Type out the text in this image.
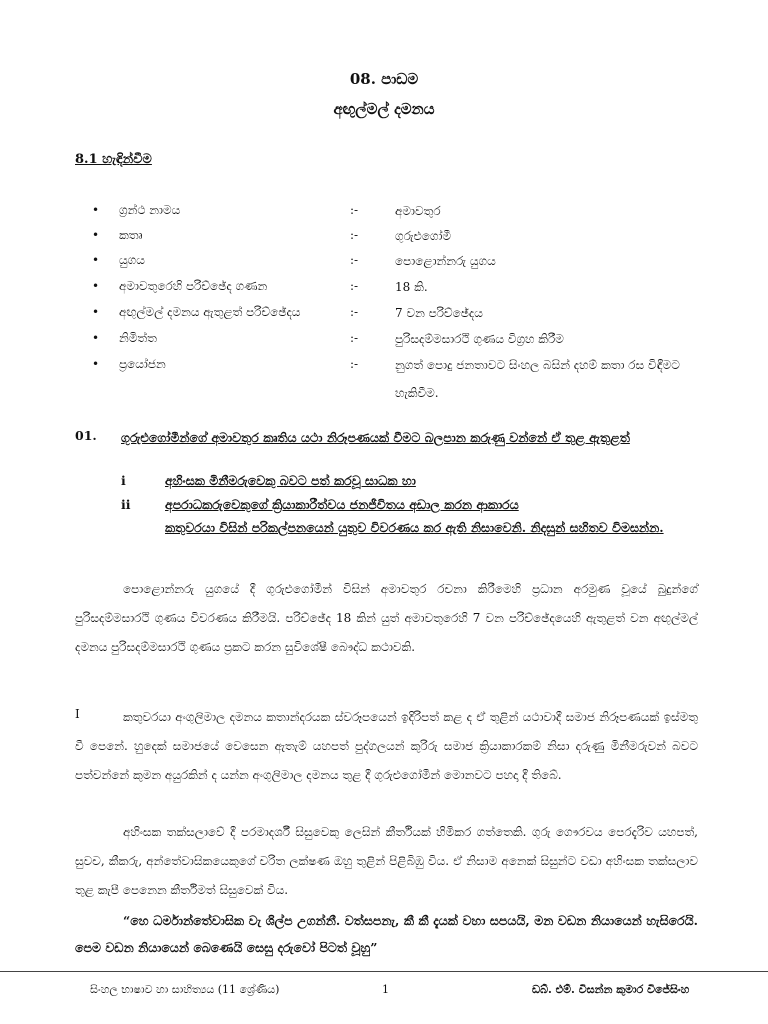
08. පාඩම
අඟුල්මල් දමනය
8.1 හැඳින්වීම
• ග්‍රන්ථ නාමය	:-	අමාවතුර
• කතෘ	:-	ගුරුළුගෝමී
• යුගය	:-	පොළොන්නරු යුගය
• අමාවතුරෙහි පරිච්ඡේද ගණන	:-	18 කි.
• අඟුල්මල් දමනය ඇතුළත් පරිච්ඡේදය	:-	7 වන පරිච්ඡේදය
• නිමිත්ත	:-	පුරිසදම්මසාරථි ගුණය විග්‍රහ කිරීම
• ප්‍රයෝජන	:-	නුගත් පොදු ජනතාවට සිංහල බසින් දහම් කතා රස විඳීමට හැකිවීම.
01. ගුරුළුගෝමීන්ගේ අමාවතුර කෘතිය යථා නිරූපණයක් වීමට බලපාන කරුණු වන්නේ ඒ තුළ ඇතුළත්
i	අහිංසක මිනීමරුවෙකු බවට පත් කරවූ සාධක හා
ii	අපරාධකරුවෙකුගේ ක්‍රියාකාරීත්වය ජනජීවිතය අඩාල කරන ආකාරය
කතුවරයා විසින් පරිකල්පනයෙන් යුතුව විවරණය කර ඇති නිසාවෙනි. නිදසුන් සහිතව විමසන්න.
පොළොන්නරු යුගයේ දී ගුරුළුගෝමීන් විසින් අමාවතුර රචනා කිරීමෙහි ප්‍රධාන අරමුණ වූයේ බුදුන්ගේ පුරිසදම්මසාරථි ගුණය විවරණය කිරීමයි. පරිච්ඡේද 18 කින් යුත් අමාවතුරෙහි 7 වන පරිච්ඡේදයෙහි ඇතුළත් වන අඟුල්මල් දමනය පුරිසදම්මසාරථි ගුණය ප්‍රකට කරන සුවිශේෂී බෞද්ධ කථාවකි.
I	කතුවරයා අංගුලිමාල දමනය කතාන්දරයක ස්වරූපයෙන් ඉදිරිපත් කළ ද ඒ තුළින් යථාවාදී සමාජ නිරූපණයක් ඉස්මතු වී පෙනේ. හුදෙක් සමාජයේ වෙසෙන ඇතැම් යහපත් පුද්ගලයන් කුරිරු සමාජ ක්‍රියාකාරකම් නිසා දරුණු මිනීමරුවන් බවට පත්වන්නේ කුමන අයුරකින් ද යන්න අංගුලිමාල දමනය තුළ දී ගුරුළුගෝමීන් මොනවට පහදා දී තිබේ.
අහිංසක තක්සලාවේ දී පරමාදර්ශී සිසුවෙකු ලෙසින් කීර්තියක් හිමිකර ගත්තෙකි. ගුරු ගෞරවය පෙරදැරිව යහපත්, සුවච, කීකරු, අන්තේවාසිකයෙකුගේ චරිත ලක්ෂණ ඔහු තුළින් පිළිබිඹු විය. ඒ නිසාම අනෙක් සිසුන්ට වඩා අහිංසක තක්සලාව තුළ කැපී පෙනෙන කීර්තිමත් සිසුවෙක් විය.
“හෙ ධර්මාන්තේවාසික වැ ශිල්ප උගන්නී. වත්සපනැ, කී කී දැයක් වහා සපයයි, මන වඩන නියායෙන් හැසිරෙයි. පෙම වඩන නියායෙන් බෙණෙයි සෙසු දරුවෝ පිටත් වූහු”
සිංහල භාෂාව හා සාහිත්‍යය (11 ශ්‍රේණිය)	1	ඩබ්. එම්. විසන්න කුමාර විජේසිංහ
